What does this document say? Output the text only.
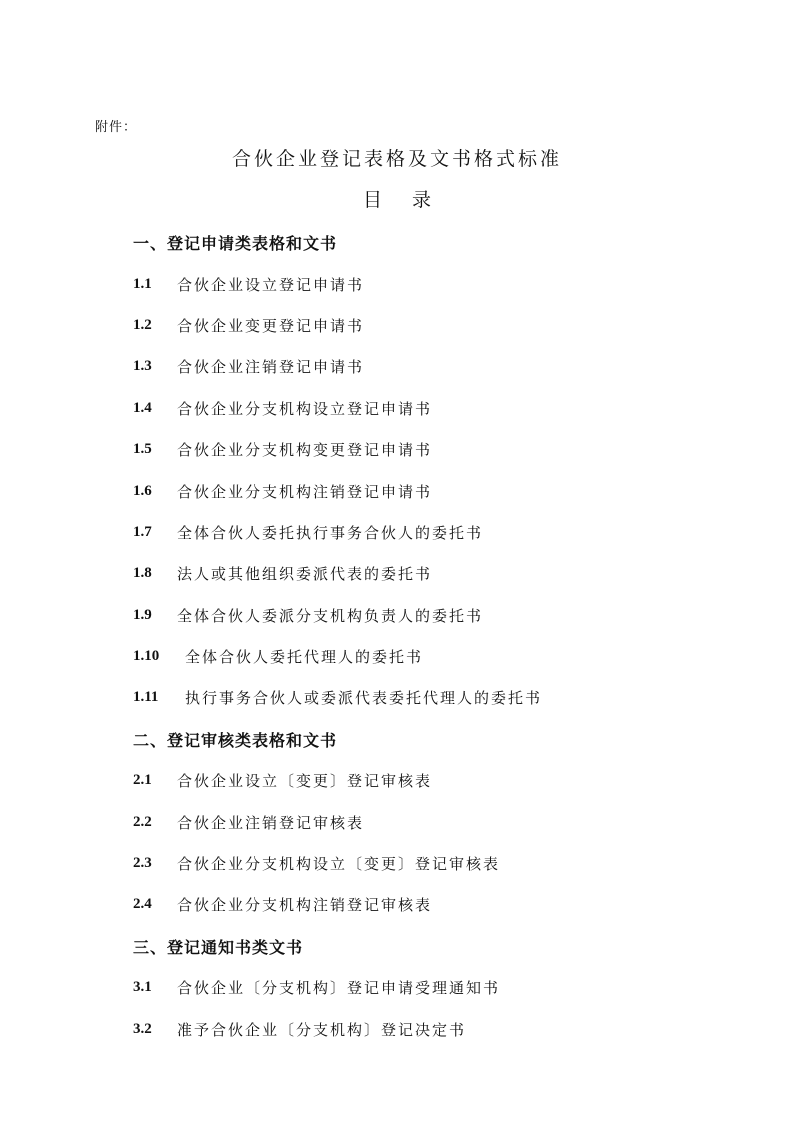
附件：
合伙企业登记表格及文书格式标准
目 录
一、登记申请类表格和文书
1.1	合伙企业设立登记申请书
1.2	合伙企业变更登记申请书
1.3	合伙企业注销登记申请书
1.4	合伙企业分支机构设立登记申请书
1.5	合伙企业分支机构变更登记申请书
1.6	合伙企业分支机构注销登记申请书
1.7	全体合伙人委托执行事务合伙人的委托书
1.8	法人或其他组织委派代表的委托书
1.9	全体合伙人委派分支机构负责人的委托书
1.10	全体合伙人委托代理人的委托书
1.11	执行事务合伙人或委派代表委托代理人的委托书
二、登记审核类表格和文书
2.1	合伙企业设立〔变更〕登记审核表
2.2	合伙企业注销登记审核表
2.3	合伙企业分支机构设立〔变更〕登记审核表
2.4	合伙企业分支机构注销登记审核表
三、登记通知书类文书
3.1	合伙企业〔分支机构〕登记申请受理通知书
3.2	准予合伙企业〔分支机构〕登记决定书
